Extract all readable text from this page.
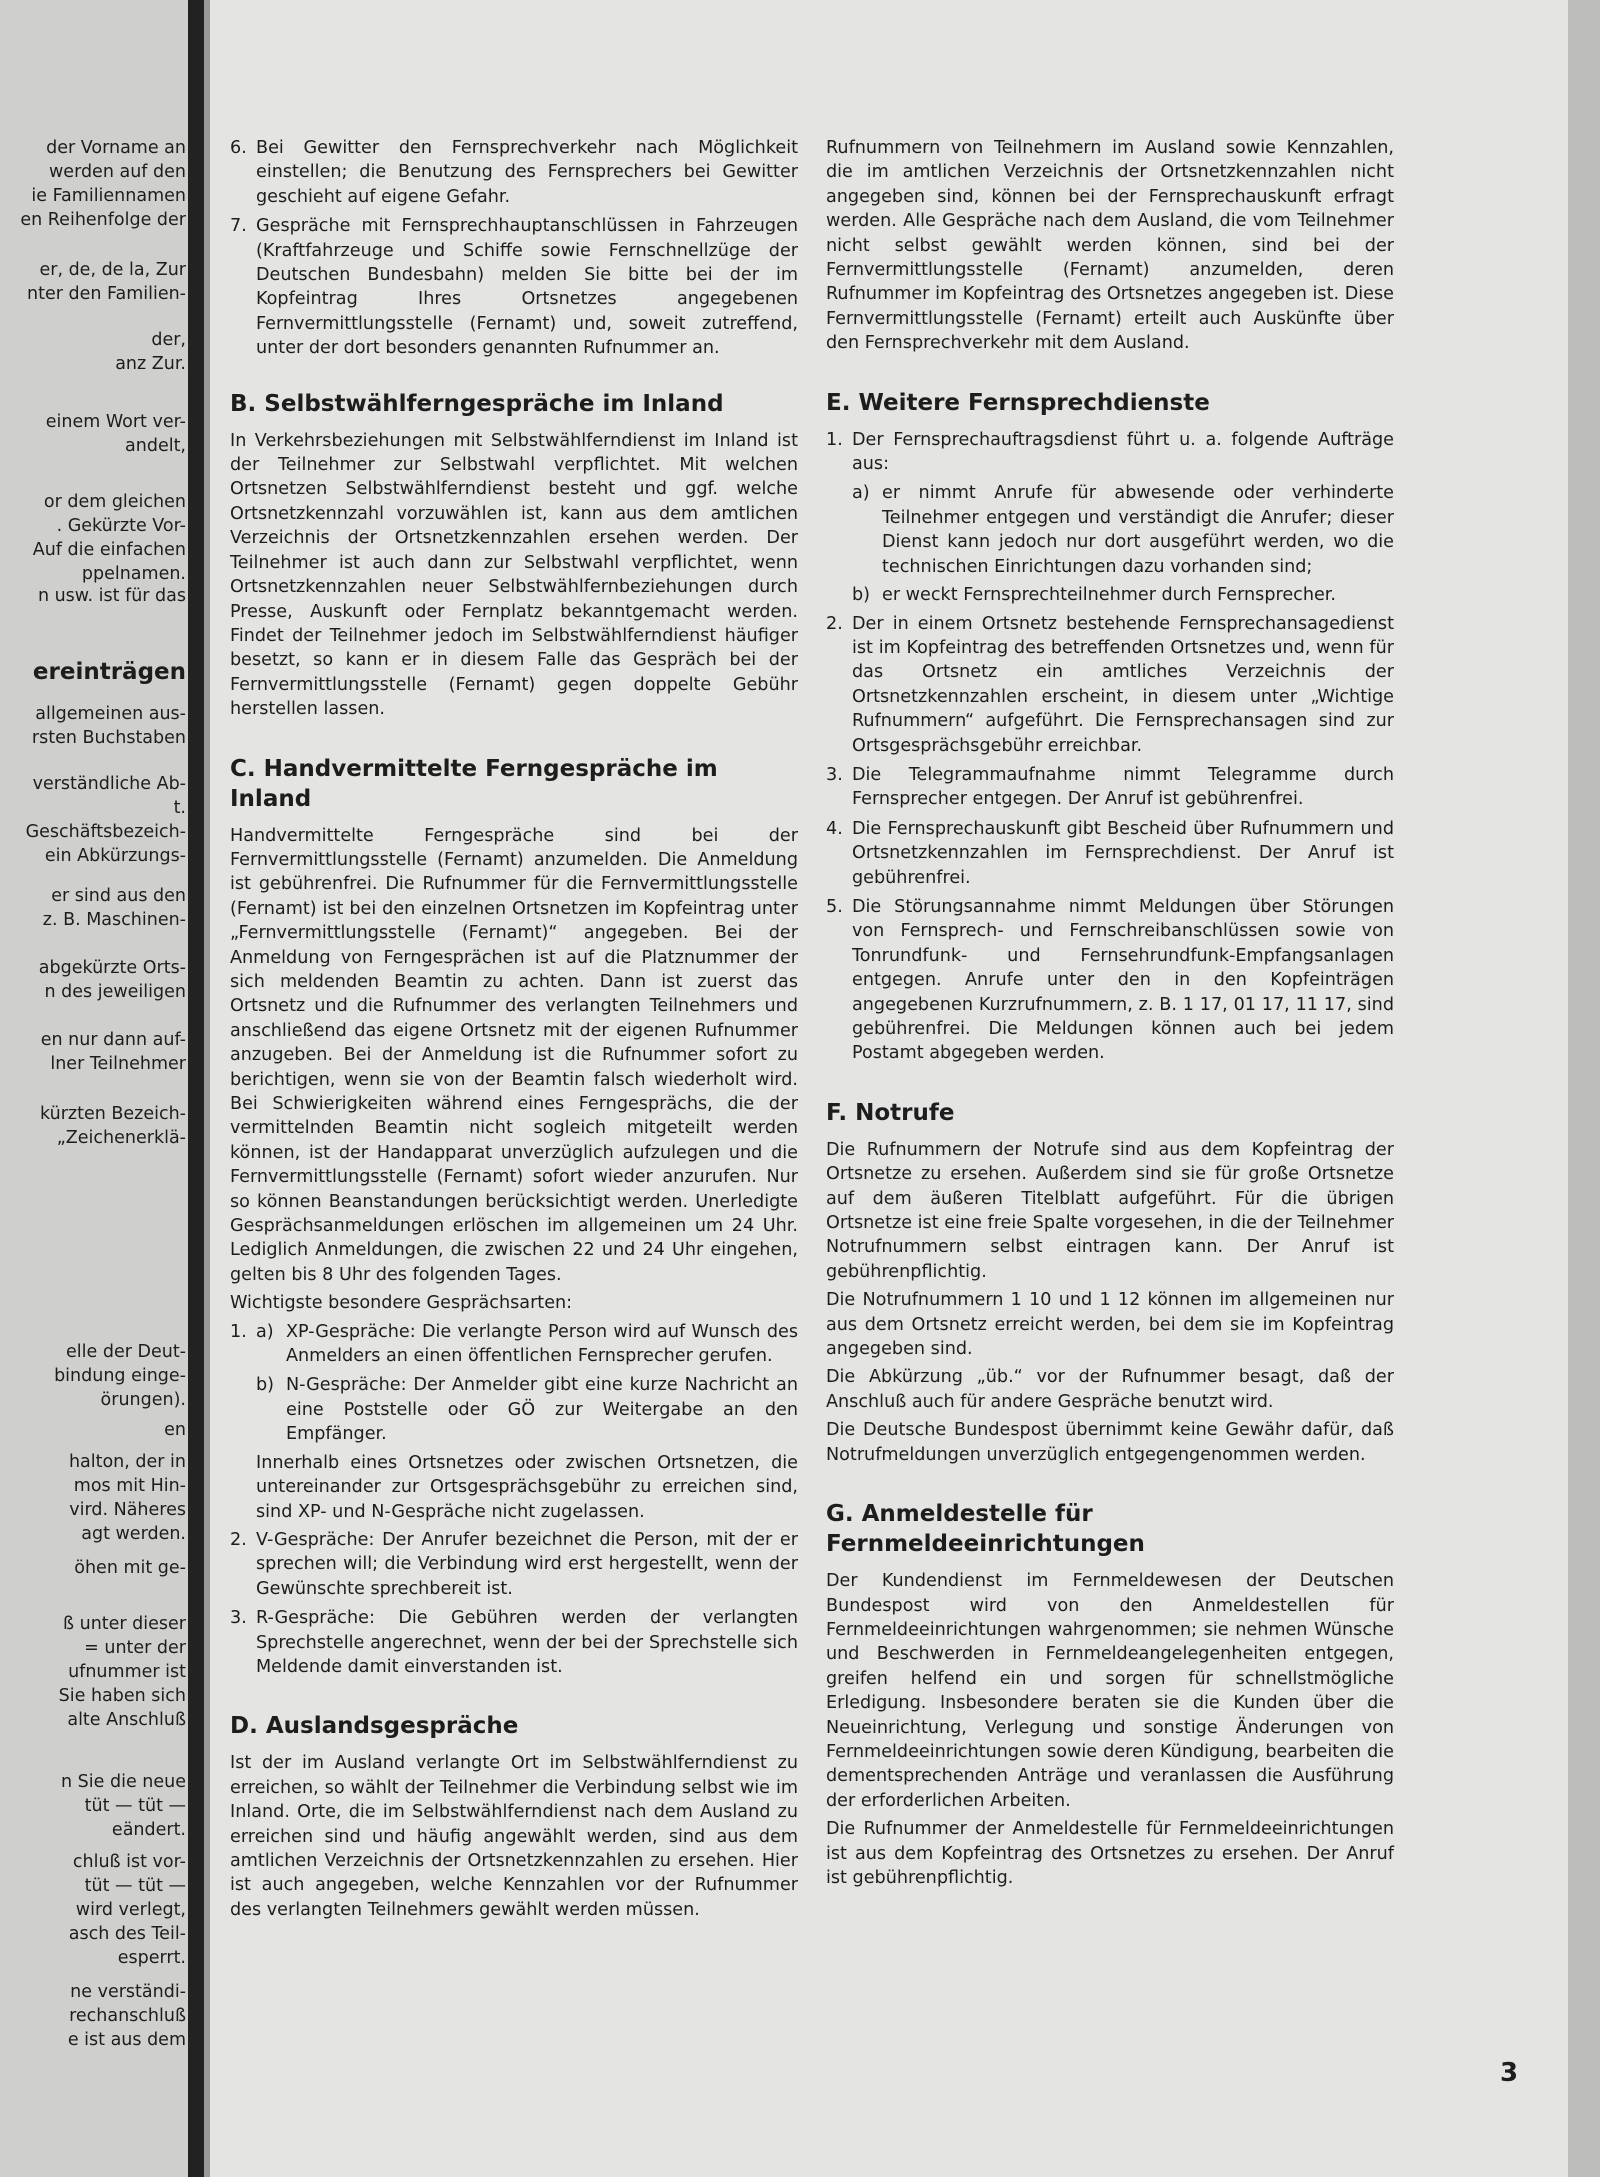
der Vorname an
werden auf den
ie Familiennamen
en Reihenfolge der
er, de, de la, Zur
nter den Familien-
der,
anz Zur.
einem Wort ver-
andelt,
or dem gleichen
. Gekürzte Vor-
Auf die einfachen
ppelnamen.
n usw. ist für das
ereinträgen
allgemeinen aus-
rsten Buchstaben
verständliche Ab-
t.
Geschäftsbezeich-
ein Abkürzungs-
er sind aus den
z. B. Maschinen-
abgekürzte Orts-
n des jeweiligen
en nur dann auf-
lner Teilnehmer
kürzten Bezeich-
„Zeichenerklä-
elle der Deut-
bindung einge-
örungen).
en
halton, der in
mos mit Hin-
vird. Näheres
agt werden.
öhen mit ge-
ß unter dieser
= unter der
ufnummer ist
Sie haben sich
alte Anschluß
n Sie die neue
tüt — tüt —
eändert.
chluß ist vor-
tüt — tüt —
wird verlegt,
asch des Teil-
esperrt.
ne verständi-
rechanschluß
e ist aus dem
6. Bei Gewitter den Fernsprechverkehr nach Möglichkeit einstellen; die Benutzung des Fernsprechers bei Gewitter geschieht auf eigene Gefahr.
7. Gespräche mit Fernsprechhauptanschlüssen in Fahrzeugen (Kraftfahrzeuge und Schiffe sowie Fernschnellzüge der Deutschen Bundesbahn) melden Sie bitte bei der im Kopfeintrag Ihres Ortsnetzes angegebenen Fernvermittlungsstelle (Fernamt) und, soweit zutreffend, unter der dort besonders genannten Rufnummer an.
B. Selbstwählferngespräche im Inland

In Verkehrsbeziehungen mit Selbstwählferndienst im Inland ist der Teilnehmer zur Selbstwahl verpflichtet. Mit welchen Ortsnetzen Selbstwählferndienst besteht und ggf. welche Ortsnetzkennzahl vorzuwählen ist, kann aus dem amtlichen Verzeichnis der Ortsnetzkennzahlen ersehen werden. Der Teilnehmer ist auch dann zur Selbstwahl verpflichtet, wenn Ortsnetzkennzahlen neuer Selbstwählfernbeziehungen durch Presse, Auskunft oder Fernplatz bekanntgemacht werden. Findet der Teilnehmer jedoch im Selbstwählferndienst häufiger besetzt, so kann er in diesem Falle das Gespräch bei der Fernvermittlungsstelle (Fernamt) gegen doppelte Gebühr herstellen lassen.

C. Handvermittelte Ferngespräche im Inland

Handvermittelte Ferngespräche sind bei der Fernvermittlungsstelle (Fernamt) anzumelden. Die Anmeldung ist gebührenfrei. Die Rufnummer für die Fernvermittlungsstelle (Fernamt) ist bei den einzelnen Ortsnetzen im Kopfeintrag unter „Fernvermittlungsstelle (Fernamt)“ angegeben. Bei der Anmeldung von Ferngesprächen ist auf die Platznummer der sich meldenden Beamtin zu achten. Dann ist zuerst das Ortsnetz und die Rufnummer des verlangten Teilnehmers und anschließend das eigene Ortsnetz mit der eigenen Rufnummer anzugeben. Bei der Anmeldung ist die Rufnummer sofort zu berichtigen, wenn sie von der Beamtin falsch wiederholt wird. Bei Schwierigkeiten während eines Ferngesprächs, die der vermittelnden Beamtin nicht sogleich mitgeteilt werden können, ist der Handapparat unverzüglich aufzulegen und die Fernvermittlungsstelle (Fernamt) sofort wieder anzurufen. Nur so können Beanstandungen berücksichtigt werden. Unerledigte Gesprächsanmeldungen erlöschen im allgemeinen um 24 Uhr. Lediglich Anmeldungen, die zwischen 22 und 24 Uhr eingehen, gelten bis 8 Uhr des folgenden Tages.

Wichtigste besondere Gesprächsarten:

1. a) XP-Gespräche: Die verlangte Person wird auf Wunsch des Anmelders an einen öffentlichen Fernsprecher gerufen.
b) N-Gespräche: Der Anmelder gibt eine kurze Nachricht an eine Poststelle oder GÖ zur Weitergabe an den Empfänger.

Innerhalb eines Ortsnetzes oder zwischen Ortsnetzen, die untereinander zur Ortsgesprächsgebühr zu erreichen sind, sind XP- und N-Gespräche nicht zugelassen.

2. V-Gespräche: Der Anrufer bezeichnet die Person, mit der er sprechen will; die Verbindung wird erst hergestellt, wenn der Gewünschte sprechbereit ist.
3. R-Gespräche: Die Gebühren werden der verlangten Sprechstelle angerechnet, wenn der bei der Sprechstelle sich Meldende damit einverstanden ist.
D. Auslandsgespräche

Ist der im Ausland verlangte Ort im Selbstwählferndienst zu erreichen, so wählt der Teilnehmer die Verbindung selbst wie im Inland. Orte, die im Selbstwählferndienst nach dem Ausland zu erreichen sind und häufig angewählt werden, sind aus dem amtlichen Verzeichnis der Ortsnetzkennzahlen zu ersehen. Hier ist auch angegeben, welche Kennzahlen vor der Rufnummer des verlangten Teilnehmers gewählt werden müssen.

Rufnummern von Teilnehmern im Ausland sowie Kennzahlen, die im amtlichen Verzeichnis der Ortsnetzkennzahlen nicht angegeben sind, können bei der Fernsprechauskunft erfragt werden. Alle Gespräche nach dem Ausland, die vom Teilnehmer nicht selbst gewählt werden können, sind bei der Fernvermittlungsstelle (Fernamt) anzumelden, deren Rufnummer im Kopfeintrag des Ortsnetzes angegeben ist. Diese Fernvermittlungsstelle (Fernamt) erteilt auch Auskünfte über den Fernsprechverkehr mit dem Ausland.

E. Weitere Fernsprechdienste
1. Der Fernsprechauftragsdienst führt u. a. folgende Aufträge aus:
a) er nimmt Anrufe für abwesende oder verhinderte Teilnehmer entgegen und verständigt die Anrufer; dieser Dienst kann jedoch nur dort ausgeführt werden, wo die technischen Einrichtungen dazu vorhanden sind;
b) er weckt Fernsprechteilnehmer durch Fernsprecher.
2. Der in einem Ortsnetz bestehende Fernsprechansagedienst ist im Kopfeintrag des betreffenden Ortsnetzes und, wenn für das Ortsnetz ein amtliches Verzeichnis der Ortsnetzkennzahlen erscheint, in diesem unter „Wichtige Rufnummern“ aufgeführt. Die Fernsprechansagen sind zur Ortsgesprächsgebühr erreichbar.
3. Die Telegrammaufnahme nimmt Telegramme durch Fernsprecher entgegen. Der Anruf ist gebührenfrei.
4. Die Fernsprechauskunft gibt Bescheid über Rufnummern und Ortsnetzkennzahlen im Fernsprechdienst. Der Anruf ist gebührenfrei.
5. Die Störungsannahme nimmt Meldungen über Störungen von Fernsprech- und Fernschreibanschlüssen sowie von Tonrundfunk- und Fernsehrundfunk-Empfangsanlagen entgegen. Anrufe unter den in den Kopfeinträgen angegebenen Kurzrufnummern, z. B. 1 17, 01 17, 11 17, sind gebührenfrei. Die Meldungen können auch bei jedem Postamt abgegeben werden.
F. Notrufe

Die Rufnummern der Notrufe sind aus dem Kopfeintrag der Ortsnetze zu ersehen. Außerdem sind sie für große Ortsnetze auf dem äußeren Titelblatt aufgeführt. Für die übrigen Ortsnetze ist eine freie Spalte vorgesehen, in die der Teilnehmer Notrufnummern selbst eintragen kann. Der Anruf ist gebührenpflichtig.

Die Notrufnummern 1 10 und 1 12 können im allgemeinen nur aus dem Ortsnetz erreicht werden, bei dem sie im Kopfeintrag angegeben sind.

Die Abkürzung „üb.“ vor der Rufnummer besagt, daß der Anschluß auch für andere Gespräche benutzt wird.

Die Deutsche Bundespost übernimmt keine Gewähr dafür, daß Notrufmeldungen unverzüglich entgegengenommen werden.

G. Anmeldestelle für Fernmeldeeinrichtungen

Der Kundendienst im Fernmeldewesen der Deutschen Bundespost wird von den Anmeldestellen für Fernmeldeeinrichtungen wahrgenommen; sie nehmen Wünsche und Beschwerden in Fernmeldeangelegenheiten entgegen, greifen helfend ein und sorgen für schnellstmögliche Erledigung. Insbesondere beraten sie die Kunden über die Neueinrichtung, Verlegung und sonstige Änderungen von Fernmeldeeinrichtungen sowie deren Kündigung, bearbeiten die dementsprechenden Anträge und veranlassen die Ausführung der erforderlichen Arbeiten.

Die Rufnummer der Anmeldestelle für Fernmeldeeinrichtungen ist aus dem Kopfeintrag des Ortsnetzes zu ersehen. Der Anruf ist gebührenpflichtig.

3
